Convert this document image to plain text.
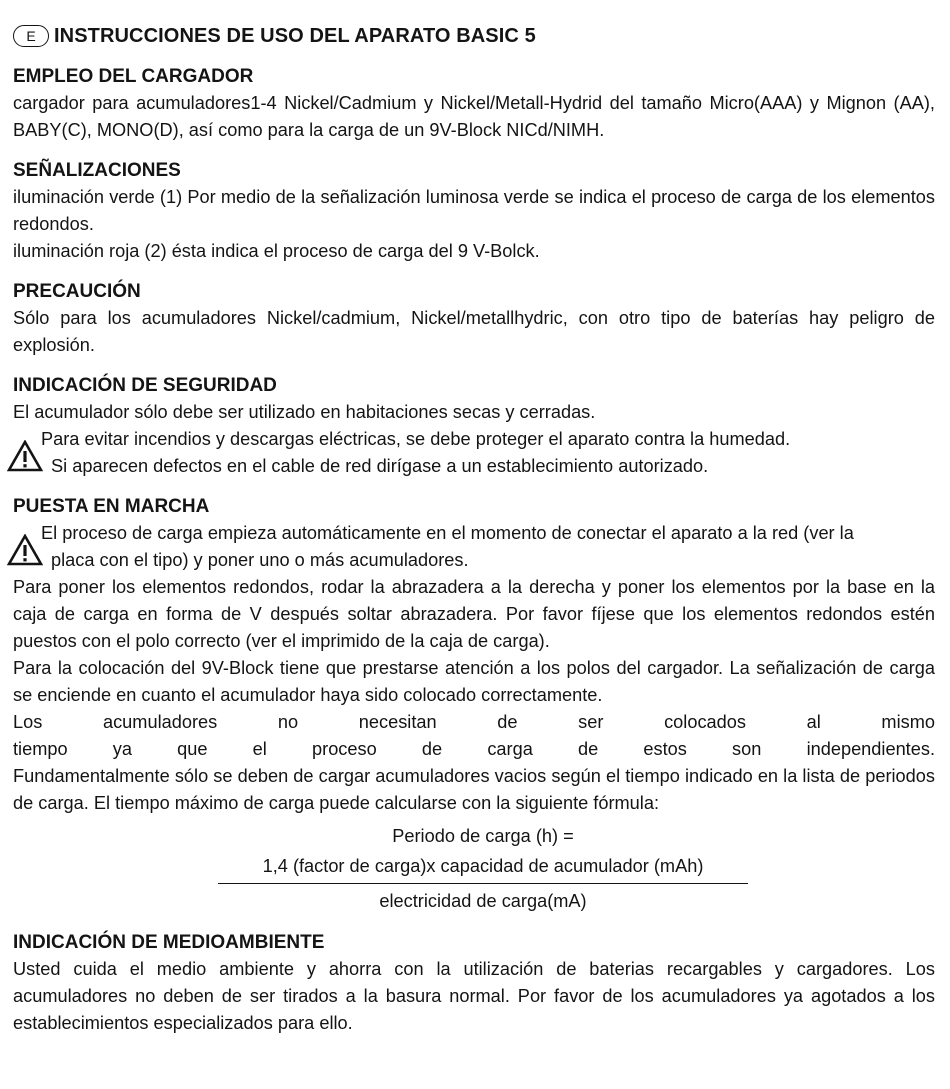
E INSTRUCCIONES DE USO DEL APARATO BASIC 5
EMPLEO DEL CARGADOR

cargador para acumuladores1-4 Nickel/Cadmium y Nickel/Metall-Hydrid del tamaño Micro(AAA) y Mignon (AA), BABY(C), MONO(D), así como para la carga de un 9V-Block NICd/NIMH.

SEÑALIZACIONES

iluminación verde (1) Por medio de la señalización luminosa verde se indica el proceso de carga de los elementos redondos.

iluminación roja (2) ésta indica el proceso de carga del 9 V-Bolck.

PRECAUCIÓN

Sólo para los acumuladores Nickel/cadmium, Nickel/metallhydric, con otro tipo de baterías hay peligro de explosión.

INDICACIÓN DE SEGURIDAD

El acumulador sólo debe ser utilizado en habitaciones secas y cerradas.

Para evitar incendios y descargas eléctricas, se debe proteger el aparato contra la humedad.

Si aparecen defectos en el cable de red dirígase a un establecimiento autorizado.

PUESTA EN MARCHA

El proceso de carga empieza automáticamente en el momento de conectar el aparato a la red (ver la

placa con el tipo) y poner uno o más acumuladores.

Para poner los elementos redondos, rodar la abrazadera a la derecha y poner los elementos por la base en la caja de carga en forma de V después soltar abrazadera. Por favor fíjese que los elementos redondos estén puestos con el polo correcto (ver el imprimido de la caja de carga).

Para la colocación del 9V-Block tiene que prestarse atención a los polos del cargador. La señalización de carga se enciende en cuanto el acumulador haya sido colocado correctamente.

Los acumuladores no necesitan de ser colocados al mismo

tiempo ya que el proceso de carga de estos son independientes.

Fundamentalmente sólo se deben de cargar acumuladores vacios según el tiempo indicado en la lista de periodos de carga. El tiempo máximo de carga puede calcularse con la siguiente fórmula:

Periodo de carga (h) =
1,4 (factor de carga)x capacidad de acumulador (mAh)
electricidad de carga(mA)
INDICACIÓN DE MEDIOAMBIENTE

Usted cuida el medio ambiente y ahorra con la utilización de baterias recargables y cargadores. Los acumuladores no deben de ser tirados a la basura normal. Por favor de los acumuladores ya agotados a los establecimientos especializados para ello.
